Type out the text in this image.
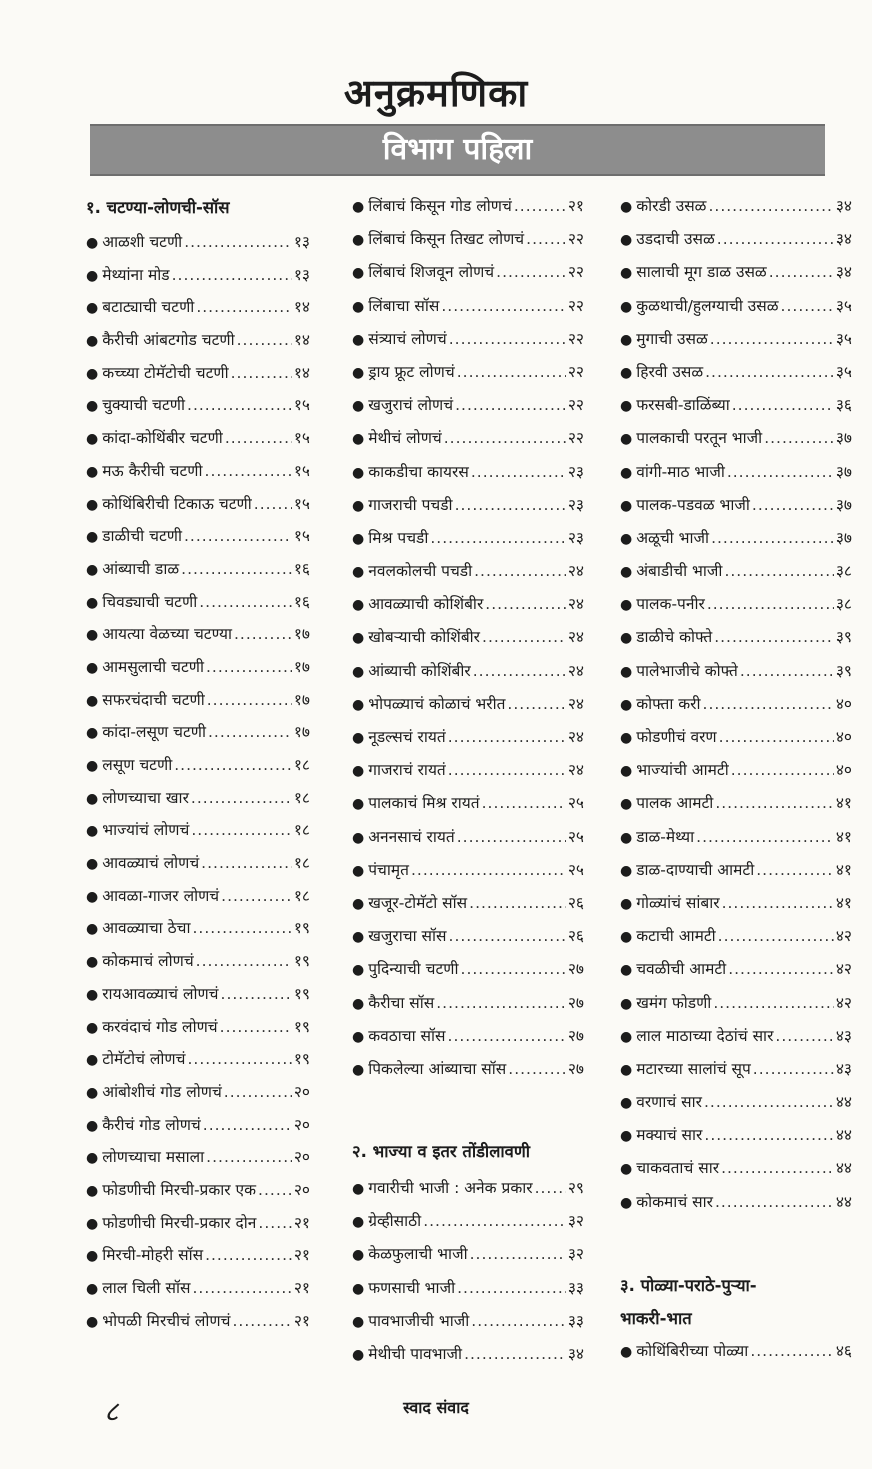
अनुक्रमणिका
विभाग पहिला
१. चटण्या-लोणची-सॉस
● आळशी चटणी .....	१३
● मेथ्यांना मोड .....	१३
● बटाट्याची चटणी .....	१४
● कैरीची आंबटगोड चटणी .....	१४
● कच्च्या टोमॅटोची चटणी .....	१४
● चुक्याची चटणी .....	१५
● कांदा-कोथिंबीर चटणी .....	१५
● मऊ कैरीची चटणी .....	१५
● कोथिंबिरीची टिकाऊ चटणी .....	१५
● डाळीची चटणी .....	१५
● आंब्याची डाळ .....	१६
● चिवड्याची चटणी .....	१६
● आयत्या वेळच्या चटण्या .....	१७
● आमसुलाची चटणी .....	१७
● सफरचंदाची चटणी .....	१७
● कांदा-लसूण चटणी .....	१७
● लसूण चटणी .....	१८
● लोणच्याचा खार .....	१८
● भाज्यांचं लोणचं .....	१८
● आवळ्याचं लोणचं .....	१८
● आवळा-गाजर लोणचं .....	१८
● आवळ्याचा ठेचा .....	१९
● कोकमाचं लोणचं .....	१९
● रायआवळ्याचं लोणचं .....	१९
● करवंदाचं गोड लोणचं .....	१९
● टोमॅटोचं लोणचं .....	१९
● आंबोशीचं गोड लोणचं .....	२०
● कैरीचं गोड लोणचं .....	२०
● लोणच्याचा मसाला .....	२०
● फोडणीची मिरची-प्रकार एक ..... २०
● फोडणीची मिरची-प्रकार दोन ..... २१
● मिरची-मोहरी सॉस .....	२१
● लाल चिली सॉस .....	२१
● भोपळी मिरचीचं लोणचं .....	२१
● लिंबाचं किसून गोड लोणचं .....	२१
● लिंबाचं किसून तिखट लोणचं .....	२२
● लिंबाचं शिजवून लोणचं .....	२२
● लिंबाचा सॉस .....	२२
● संत्र्याचं लोणचं .....	२२
● ड्राय फ्रूट लोणचं .....	२२
● खजुराचं लोणचं .....	२२
● मेथीचं लोणचं .....	२२
● काकडीचा कायरस .....	२३
● गाजराची पचडी .....	२३
● मिश्र पचडी .....	२३
● नवलकोलची पचडी .....	२४
● आवळ्याची कोशिंबीर .....	२४
● खोबऱ्याची कोशिंबीर .....	२४
● आंब्याची कोशिंबीर .....	२४
● भोपळ्याचं कोळाचं भरीत .....	२४
● नूडल्सचं रायतं .....	२४
● गाजराचं रायतं .....	२४
● पालकाचं मिश्र रायतं .....	२५
● अननसाचं रायतं .....	२५
● पंचामृत .....	२५
● खजूर-टोमॅटो सॉस .....	२६
● खजुराचा सॉस .....	२६
● पुदिन्याची चटणी .....	२७
● कैरीचा सॉस .....	२७
● कवठाचा सॉस .....	२७
● पिकलेल्या आंब्याचा सॉस .....	२७
२. भाज्या व इतर तोंडीलावणी
● गवारीची भाजी : अनेक प्रकार ..... २९
● ग्रेव्हीसाठी .....	३२
● केळफुलाची भाजी .....	३२
● फणसाची भाजी .....	३३
● पावभाजीची भाजी .....	३३
● मेथीची पावभाजी .....	३४
● कोरडी उसळ .....	३४
● उडदाची उसळ .....	३४
● सालाची मूग डाळ उसळ .....	३४
● कुळथाची/हुलग्याची उसळ .....	३५
● मुगाची उसळ .....	३५
● हिरवी उसळ .....	३५
● फरसबी-डाळिंब्या .....	३६
● पालकाची परतून भाजी .....	३७
● वांगी-माठ भाजी .....	३७
● पालक-पडवळ भाजी .....	३७
● अळूची भाजी .....	३७
● अंबाडीची भाजी .....	३८
● पालक-पनीर .....	३८
● डाळीचे कोफ्ते .....	३९
● पालेभाजीचे कोफ्ते .....	३९
● कोफ्ता करी .....	४०
● फोडणीचं वरण .....	४०
● भाज्यांची आमटी .....	४०
● पालक आमटी .....	४१
● डाळ-मेथ्या .....	४१
● डाळ-दाण्याची आमटी .....	४१
● गोळ्यांचं सांबार .....	४१
● कटाची आमटी .....	४२
● चवळीची आमटी .....	४२
● खमंग फोडणी .....	४२
● लाल माठाच्या देठांचं सार .....	४३
● मटारच्या सालांचं सूप .....	४३
● वरणाचं सार .....	४४
● मक्याचं सार .....	४४
● चाकवताचं सार .....	४४
● कोकमाचं सार .....	४४
३. पोळ्या-पराठे-पुऱ्या-
भाकरी-भात
● कोथिंबिरीच्या पोळ्या .....	४६
८	स्वाद संवाद
